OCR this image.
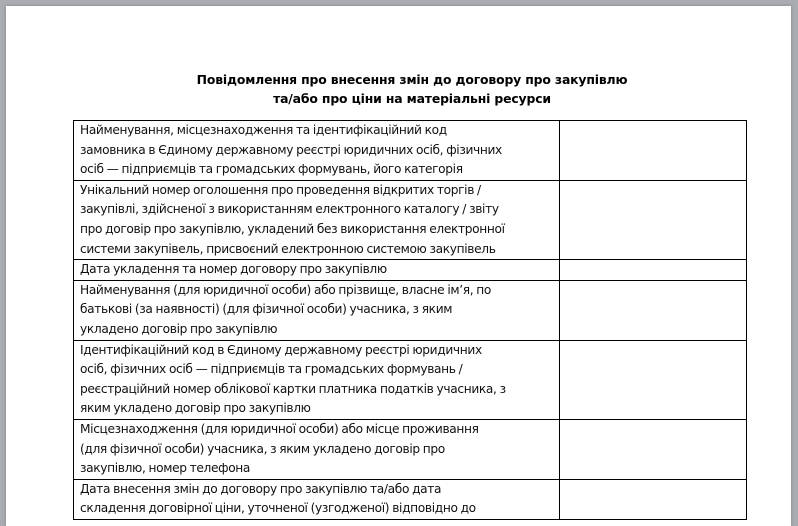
Повідомлення про внесення змін до договору про закупівлю
та/або про ціни на матеріальні ресурси
Найменування, місцезнаходження та ідентифікаційний код
замовника в Єдиному державному реєстрі юридичних осіб, фізичних
осіб — підприємців та громадських формувань, його категорія	

Унікальний номер оголошення про проведення відкритих торгів /
закупівлі, здійсненої з використанням електронного каталогу / звіту
про договір про закупівлю, укладений без використання електронної
системи закупівель, присвоєний електронною системою закупівель	

Дата укладення та номер договору про закупівлю	

Найменування (для юридичної особи) або прізвище, власне ім’я, по
батькові (за наявності) (для фізичної особи) учасника, з яким
укладено договір про закупівлю	

Ідентифікаційний код в Єдиному державному реєстрі юридичних
осіб, фізичних осіб — підприємців та громадських формувань /
реєстраційний номер облікової картки платника податків учасника, з
яким укладено договір про закупівлю	

Місцезнаходження (для юридичної особи) або місце проживання
(для фізичної особи) учасника, з яким укладено договір про
закупівлю, номер телефона	

Дата внесення змін до договору про закупівлю та/або дата
складення договірної ціни, уточненої (узгодженої) відповідно до	
